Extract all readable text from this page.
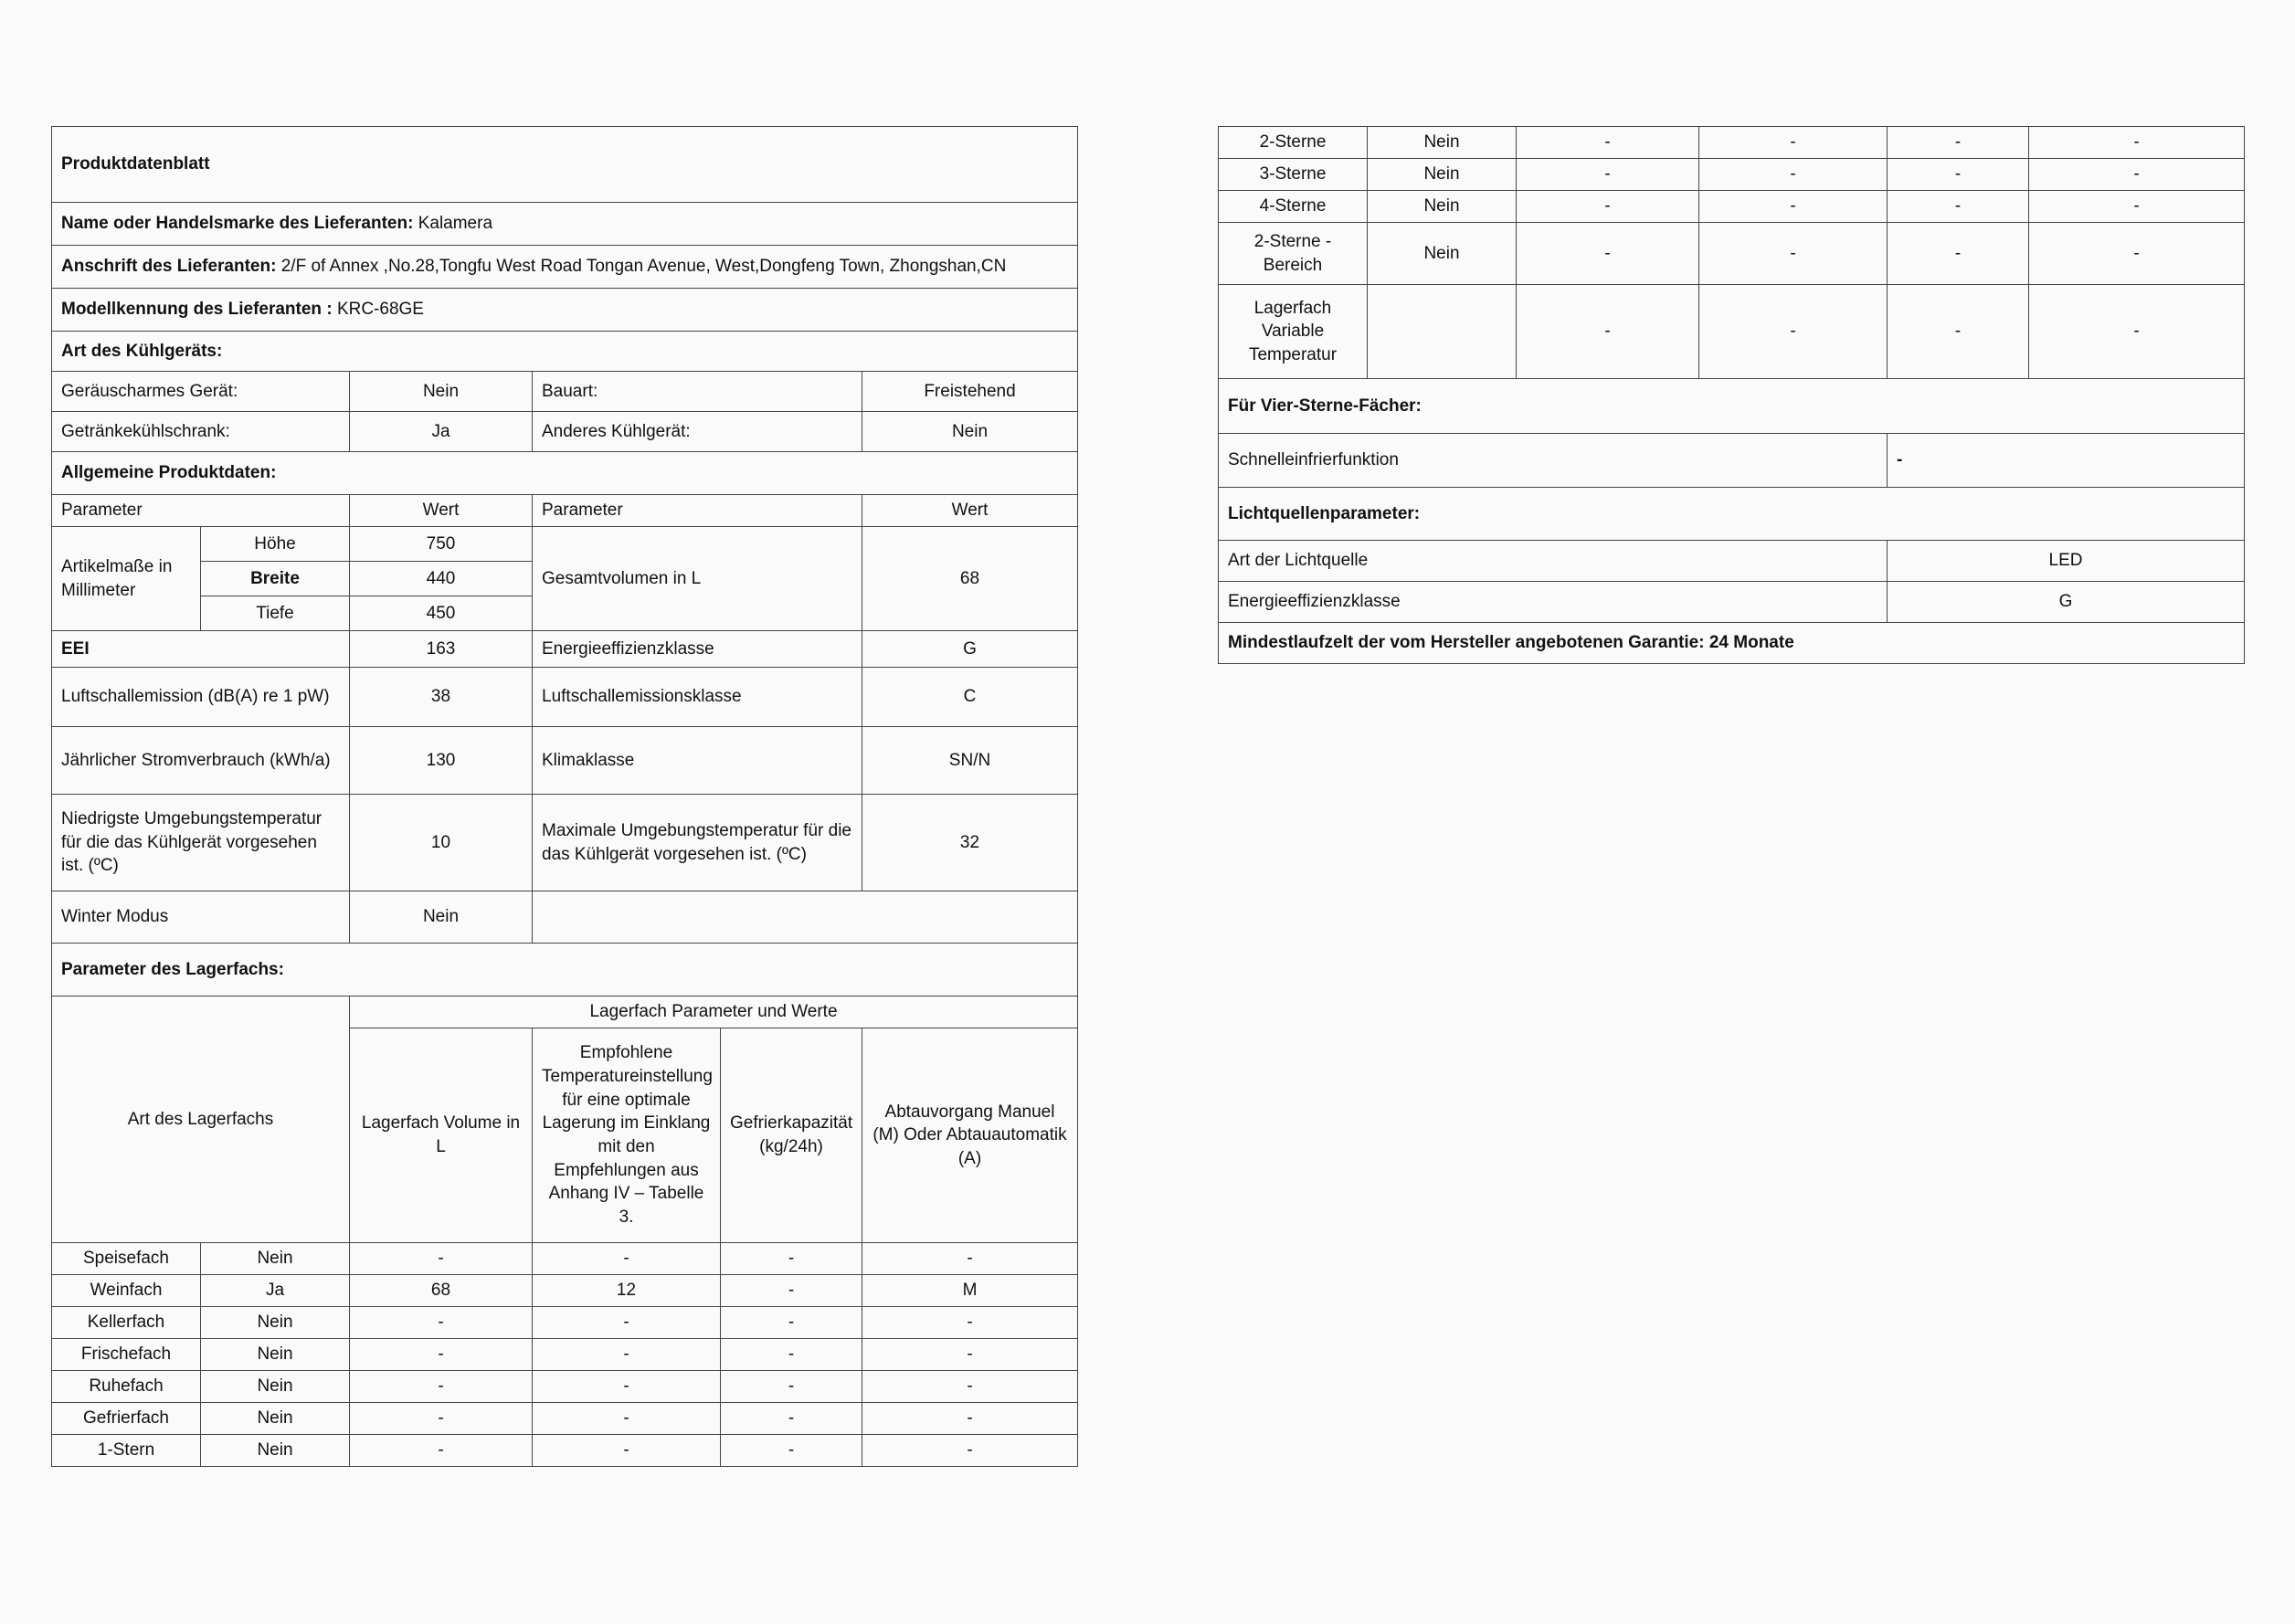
Produktdatenblatt					
Name oder Handelsmarke des Lieferanten: Kalamera					
Anschrift des Lieferanten: 2/F of Annex ,No.28,Tongfu West Road Tongan Avenue, West,Dongfeng Town, Zhongshan,CN					
Modellkennung des Lieferanten : KRC-68GE					
Art des Kühlgeräts:					
Geräuscharmes Gerät:		Nein	Bauart:		Freistehend
Getränkekühlschrank:		Ja	Anderes Kühlgerät:		Nein
Allgemeine Produktdaten:					
Parameter		Wert	Parameter		Wert
Artikelmaße in Millimeter	Höhe	750	Gesamtvolumen in L		68
	Breite	440			
	Tiefe	450			
EEI		163	Energieeffizienzklasse		G
Luftschallemission (dB(A) re 1 pW)		38	Luftschallemissionsklasse		C
Jährlicher Stromverbrauch (kWh/a)		130	Klimaklasse		SN/N
Niedrigste Umgebungstemperatur für die das Kühlgerät vorgesehen ist. (ºC)		10	Maximale Umgebungstemperatur für die das Kühlgerät vorgesehen ist. (ºC)		32
Winter Modus		Nein			
Parameter des Lagerfachs:					
Art des Lagerfachs		Lagerfach Parameter und Werte			
		Lagerfach Volume in L	Empfohlene Temperatureinstellung für eine optimale Lagerung im Einklang mit den Empfehlungen aus Anhang IV – Tabelle 3.	Gefrierkapazität (kg/24h)	Abtauvorgang Manuel (M) Oder Abtauautomatik (A)
Speisefach	Nein	-	-	-	-
Weinfach	Ja	68	12	-	M
Kellerfach	Nein	-	-	-	-
Frischefach	Nein	-	-	-	-
Ruhefach	Nein	-	-	-	-
Gefrierfach	Nein	-	-	-	-
1-Stern	Nein	-	-	-	-
2-Sterne	Nein	-	-	-	-
3-Sterne	Nein	-	-	-	-
4-Sterne	Nein	-	-	-	-
2-Sterne - Bereich	Nein	-	-	-	-
Lagerfach Variable Temperatur		-	-	-	-
Für Vier-Sterne-Fächer:					
Schnelleinfrierfunktion				-	
Lichtquellenparameter:					
Art der Lichtquelle				LED	
Energieeffizienzklasse				G	
Mindestlaufzelt der vom Hersteller angebotenen Garantie: 24 Monate					
